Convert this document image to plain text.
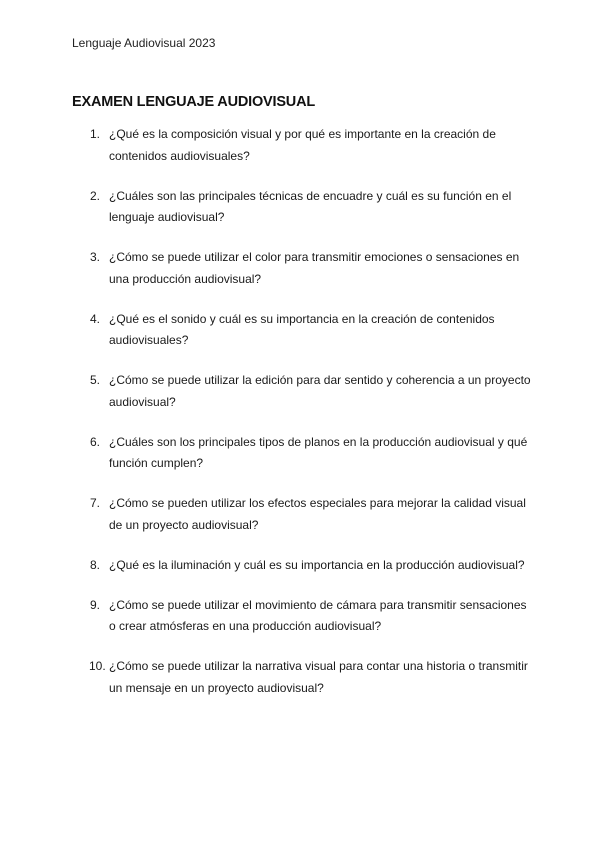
Lenguaje Audiovisual 2023
EXAMEN LENGUAJE AUDIOVISUAL
1. ¿Qué es la composición visual y por qué es importante en la creación de contenidos audiovisuales?
2. ¿Cuáles son las principales técnicas de encuadre y cuál es su función en el lenguaje audiovisual?
3. ¿Cómo se puede utilizar el color para transmitir emociones o sensaciones en una producción audiovisual?
4. ¿Qué es el sonido y cuál es su importancia en la creación de contenidos audiovisuales?
5. ¿Cómo se puede utilizar la edición para dar sentido y coherencia a un proyecto audiovisual?
6. ¿Cuáles son los principales tipos de planos en la producción audiovisual y qué función cumplen?
7. ¿Cómo se pueden utilizar los efectos especiales para mejorar la calidad visual de un proyecto audiovisual?
8. ¿Qué es la iluminación y cuál es su importancia en la producción audiovisual?
9. ¿Cómo se puede utilizar el movimiento de cámara para transmitir sensaciones o crear atmósferas en una producción audiovisual?
10. ¿Cómo se puede utilizar la narrativa visual para contar una historia o transmitir un mensaje en un proyecto audiovisual?
